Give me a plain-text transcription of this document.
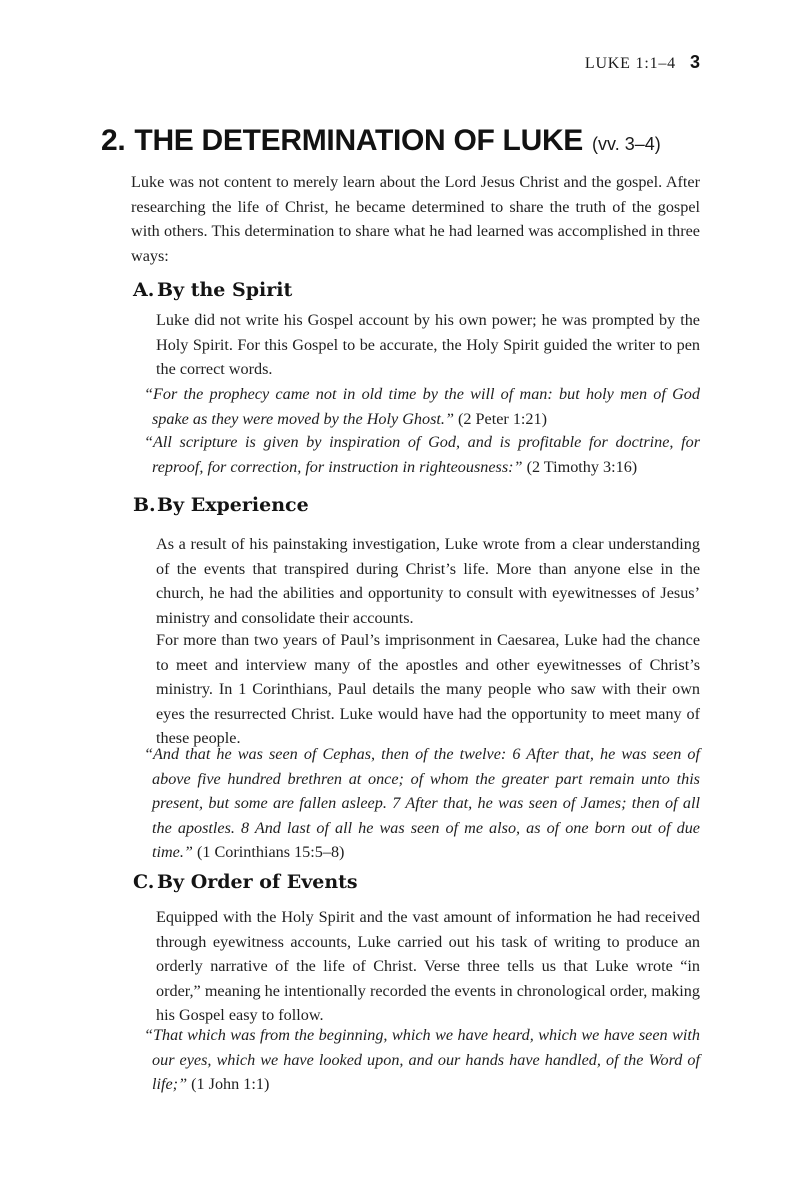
LUKE 1:1–4 3
2. THE DETERMINATION OF LUKE (vv. 3–4)

Luke was not content to merely learn about the Lord Jesus Christ and the gospel. After researching the life of Christ, he became determined to share the truth of the gospel with others. This determination to share what he had learned was accomplished in three ways:

A. By the Spirit

Luke did not write his Gospel account by his own power; he was prompted by the Holy Spirit. For this Gospel to be accurate, the Holy Spirit guided the writer to pen the correct words.

“For the prophecy came not in old time by the will of man: but holy men of God spake as they were moved by the Holy Ghost.” (2 Peter 1:21)

“All scripture is given by inspiration of God, and is profitable for doctrine, for reproof, for correction, for instruction in righteousness:” (2 Timothy 3:16)

B.By Experience

As a result of his painstaking investigation, Luke wrote from a clear understanding of the events that transpired during Christ’s life. More than anyone else in the church, he had the abilities and opportunity to consult with eyewitnesses of Jesus’ ministry and consolidate their accounts.

For more than two years of Paul’s imprisonment in Caesarea, Luke had the chance to meet and interview many of the apostles and other eyewitnesses of Christ’s ministry. In 1 Corinthians, Paul details the many people who saw with their own eyes the resurrected Christ. Luke would have had the opportunity to meet many of these people.

“And that he was seen of Cephas, then of the twelve: 6 After that, he was seen of above five hundred brethren at once; of whom the greater part remain unto this present, but some are fallen asleep. 7 After that, he was seen of James; then of all the apostles. 8 And last of all he was seen of me also, as of one born out of due time.” (1 Corinthians 15:5–8)

C. By Order of Events

Equipped with the Holy Spirit and the vast amount of information he had received through eyewitness accounts, Luke carried out his task of writing to produce an orderly narrative of the life of Christ. Verse three tells us that Luke wrote “in order,” meaning he intentionally recorded the events in chronological order, making his Gospel easy to follow.

“That which was from the beginning, which we have heard, which we have seen with our eyes, which we have looked upon, and our hands have handled, of the Word of life;” (1 John 1:1)
